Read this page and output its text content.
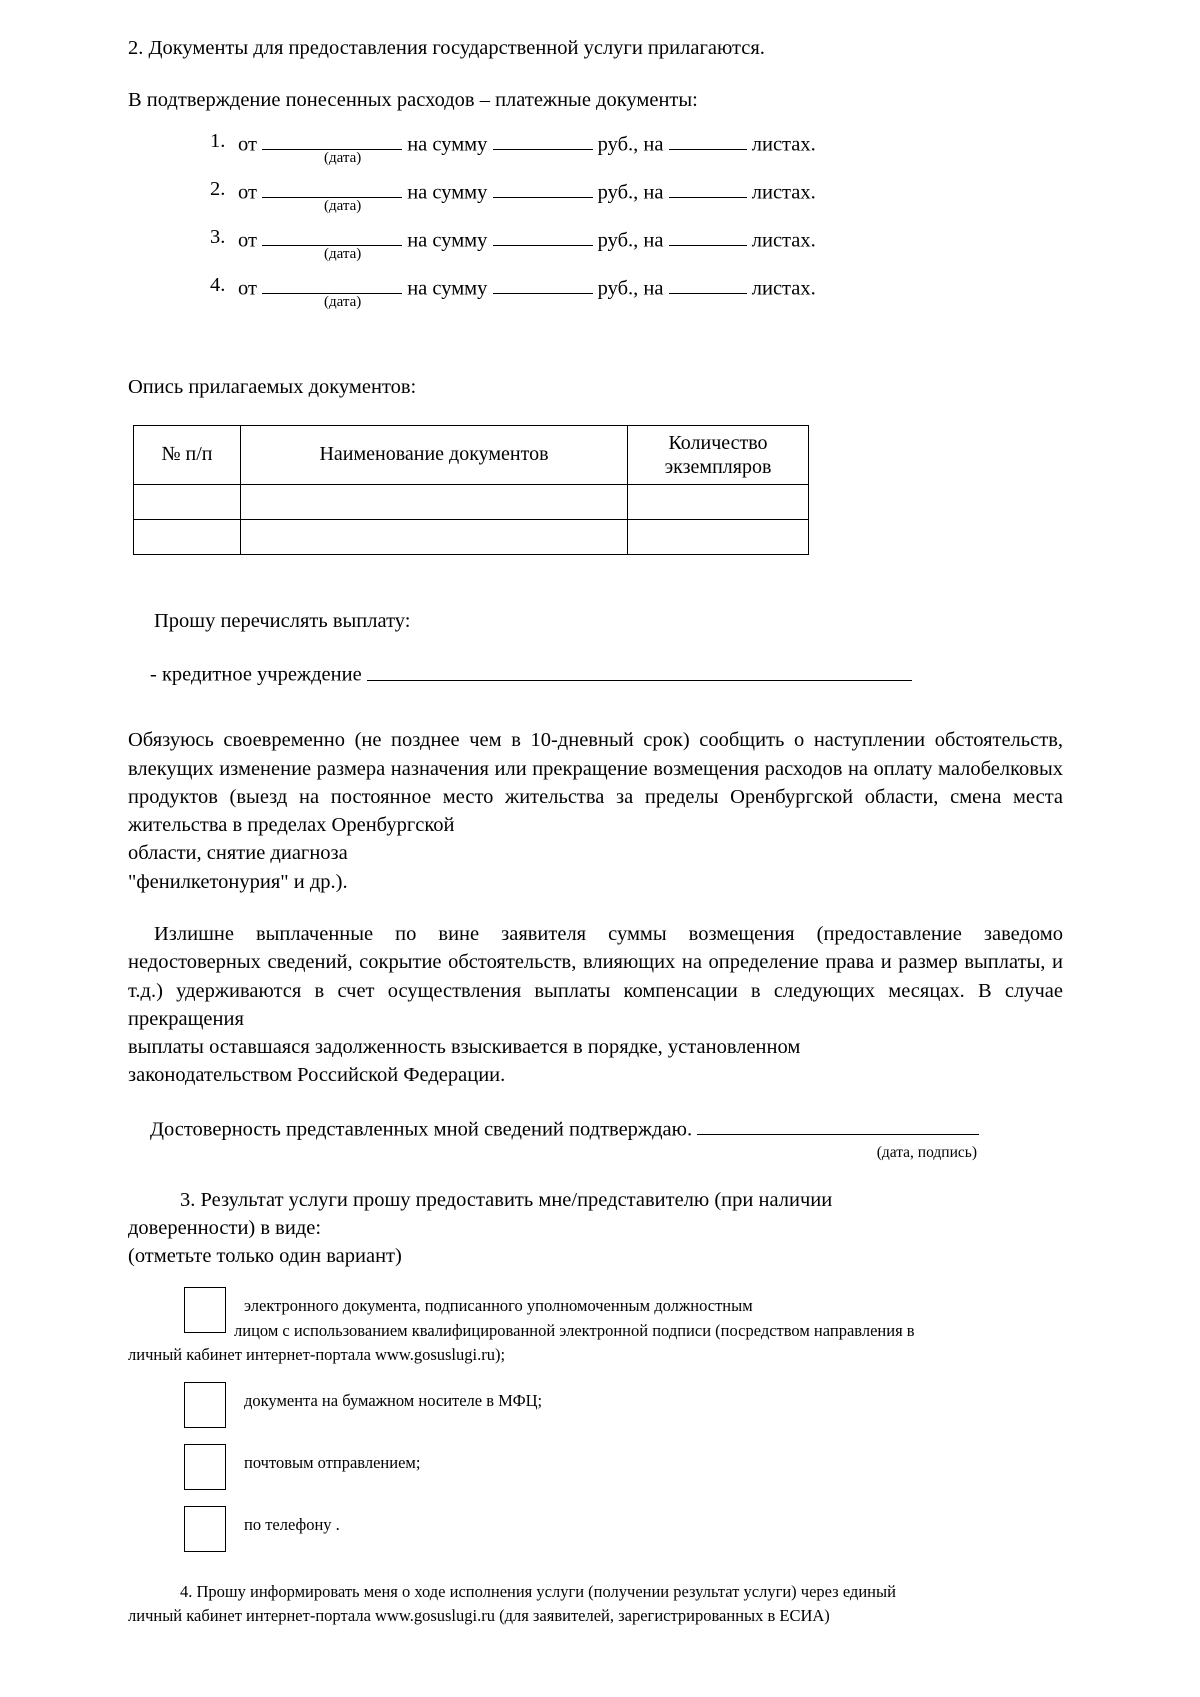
2. Документы для предоставления государственной услуги прилагаются.

В подтверждение понесенных расходов – платежные документы:

1. от	на сумму	руб., на	листах.
(дата)
2. от	на сумму	руб., на	листах.
(дата)
3. от	на сумму	руб., на	листах.
(дата)
4. от	на сумму	руб., на	листах.
(дата)

Опись прилагаемых документов:

№ п/п	Наименование документов	Количество
экземпляров

Прошу перечислять выплату:

- кредитное учреждение

Обязуюсь своевременно (не позднее чем в 10-дневный срок) сообщить о наступлении обстоятельств, влекущих изменение размера назначения или прекращение возмещения расходов на оплату малобелковых продуктов (выезд на постоянное место жительства за пределы Оренбургской области, смена места жительства в пределах Оренбургской

области, снятие диагноза

"фенилкетонурия" и др.).

Излишне выплаченные по вине заявителя суммы возмещения (предоставление заведомо недостоверных сведений, сокрытие обстоятельств, влияющих на определение права и размер выплаты, и т.д.) удерживаются в счет осуществления выплаты компенсации в следующих месяцах. В случае прекращения

выплаты оставшаяся задолженность взыскивается в порядке, установленном

законодательством Российской Федерации.

Достоверность представленных мной сведений подтверждаю.
(дата, подпись)

3. Результат услуги прошу предоставить мне/представителю (при наличии

доверенности) в виде:

(отметьте только один вариант)

электронного документа, подписанного уполномоченным должностным

лицом с использованием квалифицированной электронной подписи (посредством направления в

личный кабинет интернет-портала www.gosuslugi.ru);

документа на бумажном носителе в МФЦ;
почтовым отправлением;
по телефону .

4. Прошу информировать меня о ходе исполнения услуги (получении результат услуги) через единый

личный кабинет интернет-портала www.gosuslugi.ru (для заявителей, зарегистрированных в ЕСИА)
